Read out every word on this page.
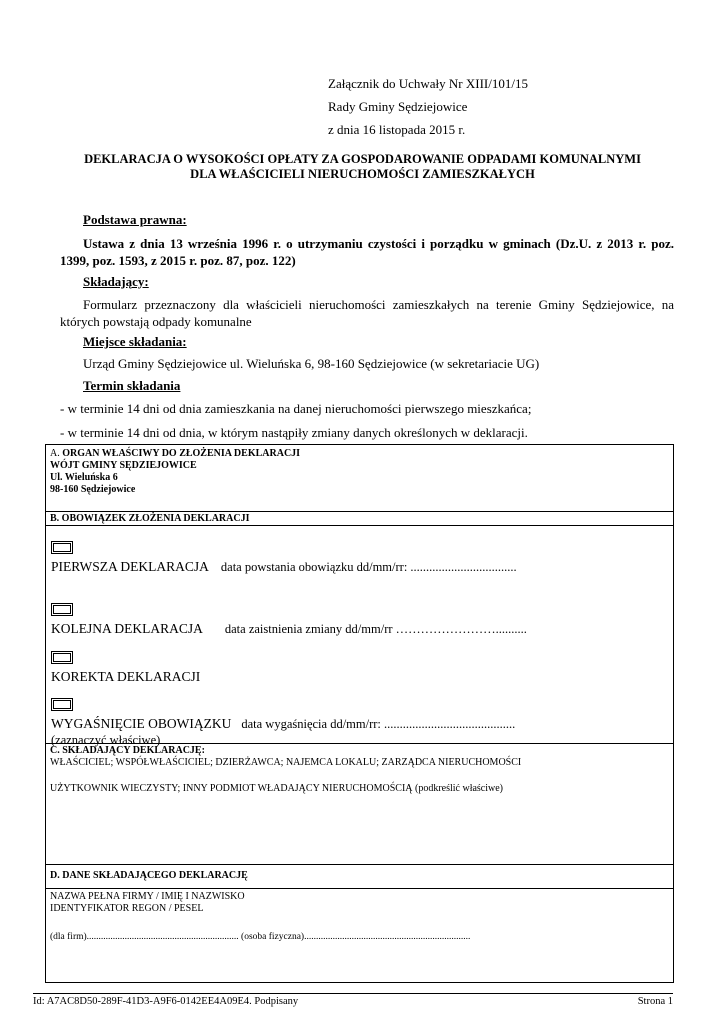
Załącznik do Uchwały Nr XIII/101/15
Rady Gminy Sędziejowice
z dnia 16 listopada 2015 r.
DEKLARACJA O WYSOKOŚCI OPŁATY ZA GOSPODAROWANIE ODPADAMI KOMUNALNYMI
DLA WŁAŚCICIELI NIERUCHOMOŚCI ZAMIESZKAŁYCH
Podstawa prawna:
Ustawa z dnia 13 września 1996 r. o utrzymaniu czystości i porządku w gminach (Dz.U. z 2013 r. poz.
1399, poz. 1593, z 2015 r. poz. 87, poz. 122)
Składający:
Formularz przeznaczony dla właścicieli nieruchomości zamieszkałych na terenie Gminy Sędziejowice, na
których powstają odpady komunalne
Miejsce składania:
Urząd Gminy Sędziejowice ul. Wieluńska 6, 98-160 Sędziejowice (w sekretariacie UG)
Termin składania
- w terminie 14 dni od dnia zamieszkania na danej nieruchomości pierwszego mieszkańca;
- w terminie 14 dni od dnia, w którym nastąpiły zmiany danych określonych w deklaracji.
A. ORGAN WŁAŚCIWY DO ZŁOŻENIA DEKLARACJI
WÓJT GMINY SĘDZIEJOWICE
Ul. Wieluńska 6
98-160 Sędziejowice
B. OBOWIĄZEK ZŁOŻENIA DEKLARACJI
PIERWSZA DEKLARACJA data powstania obowiązku dd/mm/rr: ..................................
KOLEJNA DEKLARACJA data zaistnienia zmiany dd/mm/rr ……………………..........
KOREKTA DEKLARACJI
WYGAŚNIĘCIE OBOWIĄZKU data wygaśnięcia dd/mm/rr: ..........................................
(zaznaczyć właściwe)
C. SKŁADAJĄCY DEKLARACJĘ:
WŁAŚCICIEL; WSPÓŁWŁAŚCICIEL; DZIERŻAWCA; NAJEMCA LOKALU; ZARZĄDCA NIERUCHOMOŚCI
UŻYTKOWNIK WIECZYSTY; INNY PODMIOT WŁADAJĄCY NIERUCHOMOŚCIĄ (podkreślić właściwe)
D. DANE SKŁADAJĄCEGO DEKLARACJĘ
NAZWA PEŁNA FIRMY / IMIĘ I NAZWISKO
IDENTYFIKATOR REGON / PESEL
(dla firm)................................................................ (osoba fizyczna)......................................................................
Id: A7AC8D50-289F-41D3-A9F6-0142EE4A09E4. Podpisany	Strona 1
